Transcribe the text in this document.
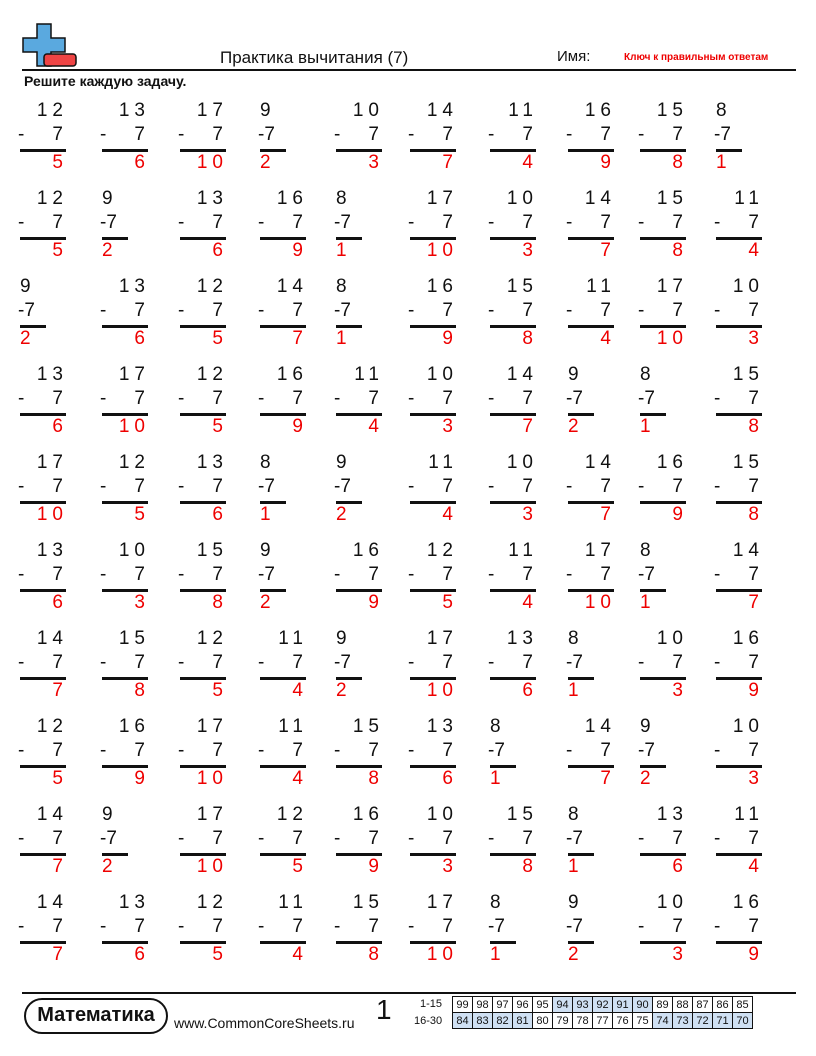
Практика вычитания (7)	Имя:	Ключ к правильным ответам
Решите каждую задачу.
12
-	7
5
13
-	7
6
17
-	7
10
9
-7
2
10
-	7
3
14
-	7
7
11
-	7
4
16
-	7
9
15
-	7
8
8
-7
1
12
-	7
5
9
-7
2
13
-	7
6
16
-	7
9
8
-7
1
17
-	7
10
10
-	7
3
14
-	7
7
15
-	7
8
11
-	7
4
9
-7
2
13
-	7
6
12
-	7
5
14
-	7
7
8
-7
1
16
-	7
9
15
-	7
8
11
-	7
4
17
-	7
10
10
-	7
3
13
-	7
6
17
-	7
10
12
-	7
5
16
-	7
9
11
-	7
4
10
-	7
3
14
-	7
7
9
-7
2
8
-7
1
15
-	7
8
17
-	7
10
12
-	7
5
13
-	7
6
8
-7
1
9
-7
2
11
-	7
4
10
-	7
3
14
-	7
7
16
-	7
9
15
-	7
8
13
-	7
6
10
-	7
3
15
-	7
8
9
-7
2
16
-	7
9
12
-	7
5
11
-	7
4
17
-	7
10
8
-7
1
14
-	7
7
14
-	7
7
15
-	7
8
12
-	7
5
11
-	7
4
9
-7
2
17
-	7
10
13
-	7
6
8
-7
1
10
-	7
3
16
-	7
9
12
-	7
5
16
-	7
9
17
-	7
10
11
-	7
4
15
-	7
8
13
-	7
6
8
-7
1
14
-	7
7
9
-7
2
10
-	7
3
14
-	7
7
9
-7
2
17
-	7
10
12
-	7
5
16
-	7
9
10
-	7
3
15
-	7
8
8
-7
1
13
-	7
6
11
-	7
4
14
-	7
7
13
-	7
6
12
-	7
5
11
-	7
4
15
-	7
8
17
-	7
10
8
-7
1
9
-7
2
10
-	7
3
16
-	7
9
Математика	www.CommonCoreSheets.ru 1	1-15
16-30
99	98	97	96	95	94	93	92	91	90	89	88	87	86	85
84	83	82	81	80	79	78	77	76	75	74	73	72	71	70
